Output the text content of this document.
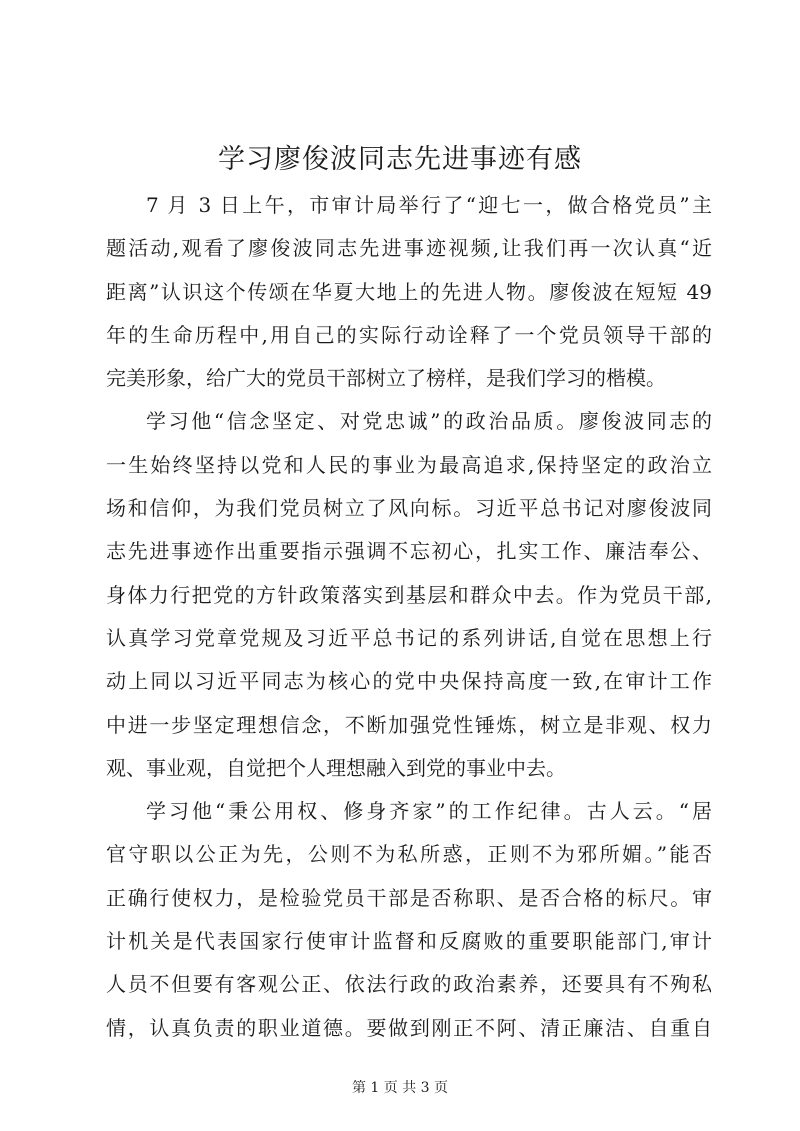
学习廖俊波同志先进事迹有感
7 月 3 日上午，市审计局举行了“迎七一，做合格党员”主
题活动,观看了廖俊波同志先进事迹视频,让我们再一次认真“近
距离”认识这个传颂在华夏大地上的先进人物。廖俊波在短短 49
年的生命历程中,用自己的实际行动诠释了一个党员领导干部的
完美形象，给广大的党员干部树立了榜样，是我们学习的楷模。
学习他“信念坚定、对党忠诚”的政治品质。廖俊波同志的
一生始终坚持以党和人民的事业为最高追求,保持坚定的政治立
场和信仰，为我们党员树立了风向标。习近平总书记对廖俊波同
志先进事迹作出重要指示强调不忘初心，扎实工作、廉洁奉公、
身体力行把党的方针政策落实到基层和群众中去。作为党员干部,
认真学习党章党规及习近平总书记的系列讲话,自觉在思想上行
动上同以习近平同志为核心的党中央保持高度一致,在审计工作
中进一步坚定理想信念，不断加强党性锤炼，树立是非观、权力
观、事业观，自觉把个人理想融入到党的事业中去。
学习他“秉公用权、修身齐家”的工作纪律。古人云。“居
官守职以公正为先，公则不为私所惑，正则不为邪所媚。”能否
正确行使权力，是检验党员干部是否称职、是否合格的标尺。审
计机关是代表国家行使审计监督和反腐败的重要职能部门,审计
人员不但要有客观公正、依法行政的政治素养，还要具有不殉私
情，认真负责的职业道德。要做到刚正不阿、清正廉洁、自重自
第 1 页 共 3 页
